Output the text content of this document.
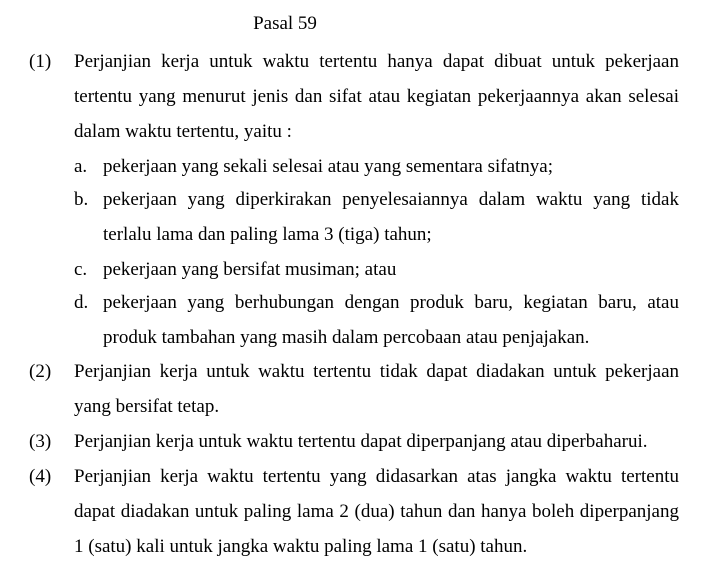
Pasal 59
(1) Perjanjian kerja untuk waktu tertentu hanya dapat dibuat untuk pekerjaan tertentu yang menurut jenis dan sifat atau kegiatan pekerjaannya akan selesai dalam waktu tertentu, yaitu :
a. pekerjaan yang sekali selesai atau yang sementara sifatnya;
b. pekerjaan yang diperkirakan penyelesaiannya dalam waktu yang tidak terlalu lama dan paling lama 3 (tiga) tahun;
c. pekerjaan yang bersifat musiman; atau
d. pekerjaan yang berhubungan dengan produk baru, kegiatan baru, atau produk tambahan yang masih dalam percobaan atau penjajakan.
(2) Perjanjian kerja untuk waktu tertentu tidak dapat diadakan untuk pekerjaan yang bersifat tetap.
(3) Perjanjian kerja untuk waktu tertentu dapat diperpanjang atau diperbaharui.
(4) Perjanjian kerja waktu tertentu yang didasarkan atas jangka waktu tertentu dapat diadakan untuk paling lama 2 (dua) tahun dan hanya boleh diperpanjang 1 (satu) kali untuk jangka waktu paling lama 1 (satu) tahun.
